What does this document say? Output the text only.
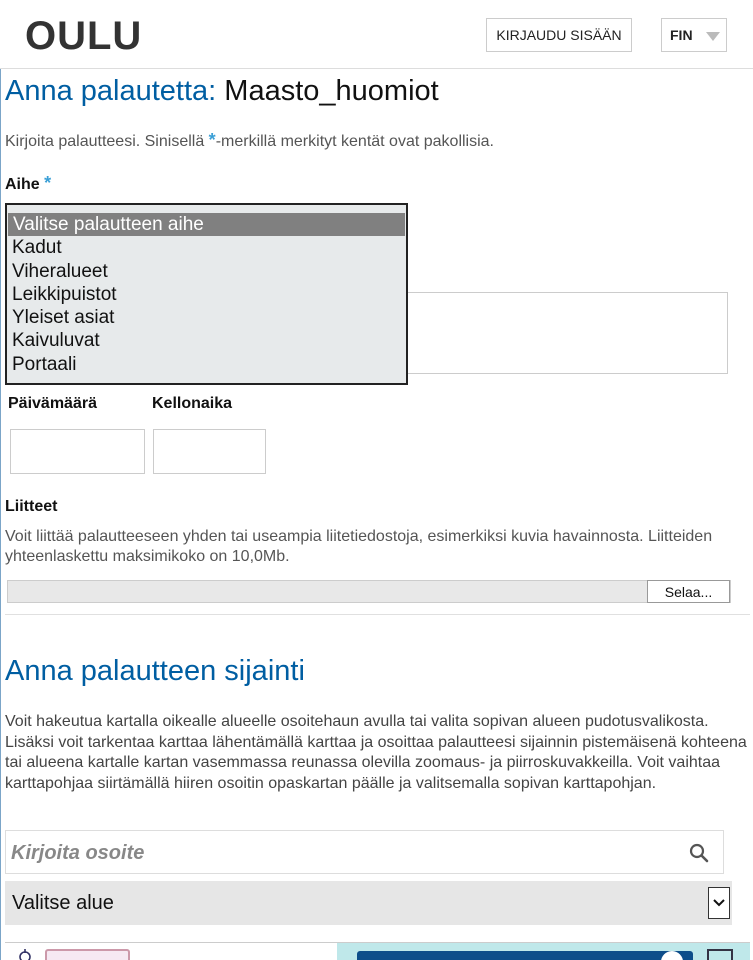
OULU	KIRJAUDU SISÄÄN	FIN
Anna palautetta: Maasto_huomiot
Kirjoita palautteesi. Sinisellä *-merkillä merkityt kentät ovat pakollisia.
Aihe *
Valitse palautteen aihe
Kadut
Viheralueet
Leikkipuistot
Yleiset asiat
Kaivuluvat
Portaali
Päivämäärä	Kellonaika
Liitteet
Voit liittää palautteeseen yhden tai useampia liitetiedostoja, esimerkiksi kuvia havainnosta. Liitteiden yhteenlaskettu maksimikoko on 10,0Mb.
Selaa...
Anna palautteen sijainti
Voit hakeutua kartalla oikealle alueelle osoitehaun avulla tai valita sopivan alueen pudotusvalikosta. Lisäksi voit tarkentaa karttaa lähentämällä karttaa ja osoittaa palautteesi sijainnin pistemäisenä kohteena tai alueena kartalle kartan vasemmassa reunassa olevilla zoomaus- ja piirroskuvakkeilla. Voit vaihtaa karttapohjaa siirtämällä hiiren osoitin opaskartan päälle ja valitsemalla sopivan karttapohjan.
Kirjoita osoite
Valitse alue
